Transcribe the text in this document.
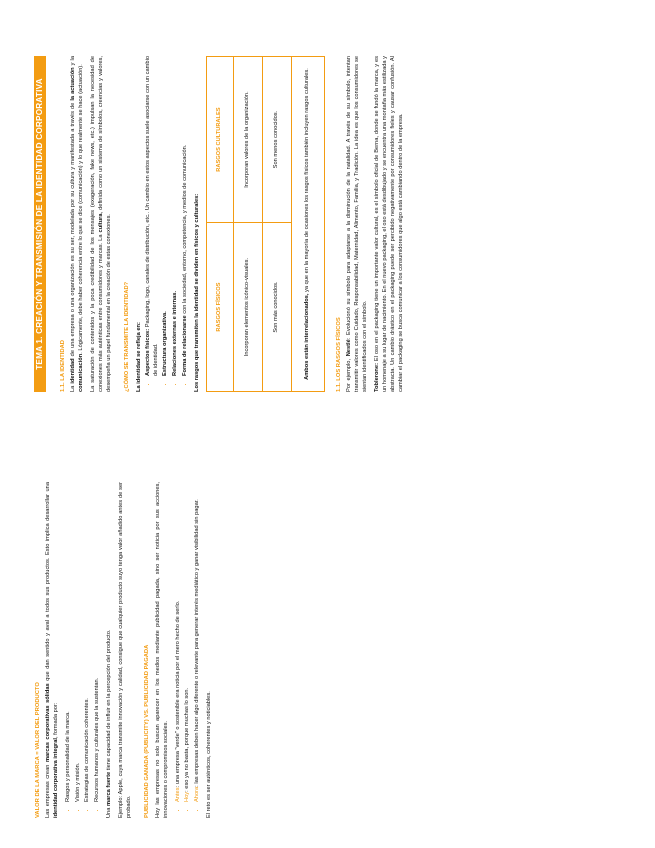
VALOR DE LA MARCA = VALOR DEL PRODUCTO Las empresas crean marcas corporativas sólidas que dan sentido y aval a todos sus productos. Esto implica desarrollar una identidad corporativa integral, formada por: • Rasgos y personalidad de la marca. • Visión y misión. • Estrategias de comunicación coherentes. • Recursos humanos y culturales que la sustentan.

Una marca fuerte tiene capacidad de influir en la percepción del producto. Ejemplo: Apple, cuya marca transmite innovación y calidad, consigue que cualquier producto suyo tenga valor añadido antes de ser probado. PUBLICIDAD GANADA (PUBLICITY) VS. PUBLICIDAD PAGADA Hoy las empresas no solo buscan aparecer en los medios mediante publicidad pagada, sino ser noticia por sus acciones, innovaciones o compromisos sociales. • Antes: una empresa "verde" o sostenible era noticia por el mero hecho de serlo.
• Hoy: eso ya no basta, porque muchas lo son.
• Ahora: las empresas deben hacer algo diferente o relevante para generar interés mediático y ganar visibilidad sin pagar. El reto es ser auténticos, coherentes y noticiables.

TEMA 1. CREACIÓN Y TRANSMISIÓN DE LA IDENTIDAD CORPORATIVA	1.1. LA IDENTIDAD La identidad de una empresa o una organización es su ser, modelada por su cultura y manifestada a través de la actuación y la comunicación. Lógicamente, debe haber coherencia entre lo que se dice (comunicación) y lo que realmente se hace (actuación). La saturación de contenidos y la poca credibilidad de los mensajes (exageración, fake news, etc.) impulsan la necesidad de conexiones más auténticas entre consumidores y marcas. La cultura, definida como un sistema de símbolos, creencias y valores, desempeña un papel fundamental en la creación de estas conexiones. ¿CÓMO SE TRANSMITE LA IDENTIDAD? La identidad se refleja en: • Aspectos físicos: Packaging, logo, canales de distribución, etc.. Un cambio en estos aspectos suele asociarse con un cambio de identidad. • Estructura organizativa. • Relaciones externas e internas. • Forma de relacionarse con la sociedad, entorno, competencia, y medios de comunicación. Los rasgos que transmiten la identidad se dividen en físicos y culturales:	RASGOS FÍSICOS	RASGOS CULTURALES
Incorporan elementos icónico-visuales.	Incorporan valores de la organización.
Son más conocidos.	Son menos conocidos.
Ambos están interrelacionados, ya que en la mayoría de ocasiones los rasgos físicos también incluyen rasgos culturales.	
1.1. LOS RASGOS FÍSICOS Por ejemplo, Nestlé: Evolucionó su símbolo para adaptarse a la disminución de la natalidad. A través de su símbolo, intentan transmitir valores como Cuidado, Responsabilidad, Maternidad, Alimento, Familia, y Tradición. La idea es que los consumidores se sientan identificados con el símbolo. Toblerone: El oso en el packaging tiene un importante valor cultural, es el símbolo oficial de Berna, donde se fundó la marca, y es un homenaje a su lugar de nacimiento. En el nuevo packaging, el oso está desdibujado y se encuentra una montaña más estilizada y abstracta. Un cambio drástico en el packaging puede ser percibido negativamente por consumidores fieles y causar confusión. Al cambiar el packaging se busca comunicar a los consumidores que algo está cambiando dentro de la empresa.
